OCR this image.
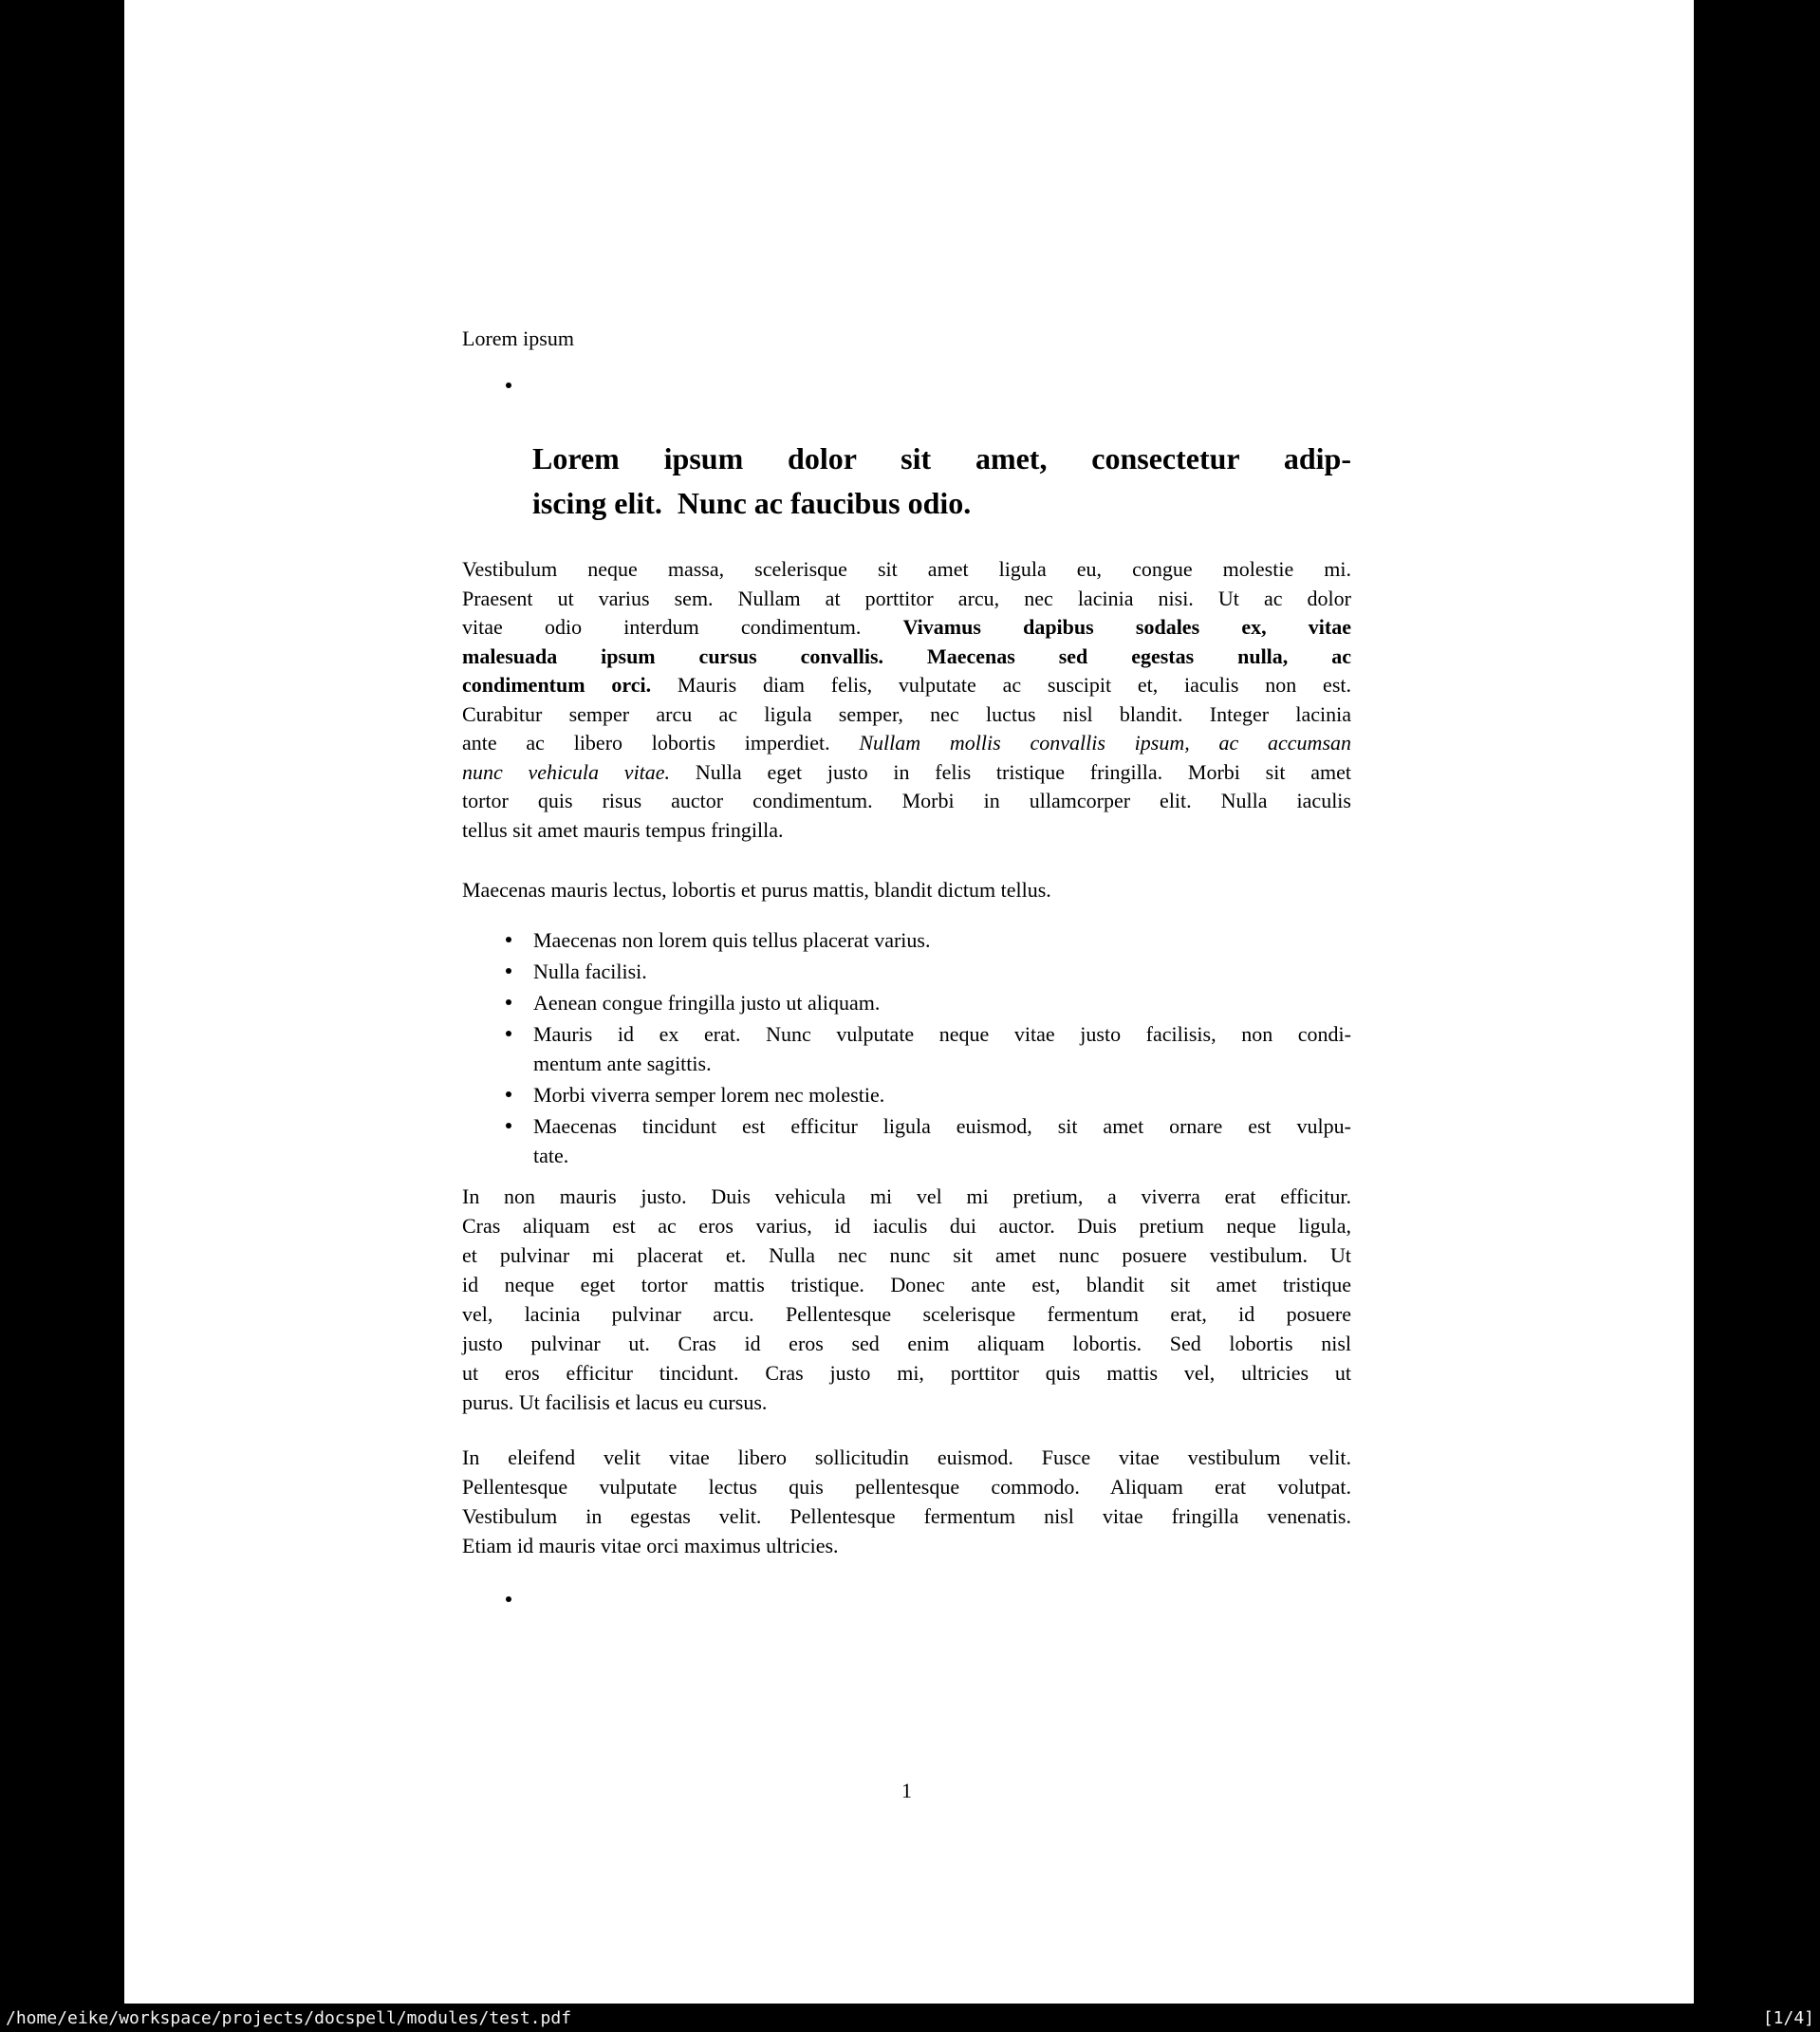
Lorem ipsum
Lorem ipsum dolor sit amet, consectetur adip-
iscing elit. Nunc ac faucibus odio.
Vestibulum neque massa, scelerisque sit amet ligula eu, congue molestie mi.
Praesent ut varius sem. Nullam at porttitor arcu, nec lacinia nisi. Ut ac dolor
vitae odio interdum condimentum. Vivamus dapibus sodales ex, vitae
malesuada ipsum cursus convallis. Maecenas sed egestas nulla, ac
condimentum orci. Mauris diam felis, vulputate ac suscipit et, iaculis non est.
Curabitur semper arcu ac ligula semper, nec luctus nisl blandit. Integer lacinia
ante ac libero lobortis imperdiet. Nullam mollis convallis ipsum, ac accumsan
nunc vehicula vitae. Nulla eget justo in felis tristique fringilla. Morbi sit amet
tortor quis risus auctor condimentum. Morbi in ullamcorper elit. Nulla iaculis
tellus sit amet mauris tempus fringilla.
Maecenas mauris lectus, lobortis et purus mattis, blandit dictum tellus.
Maecenas non lorem quis tellus placerat varius.
Nulla facilisi.
Aenean congue fringilla justo ut aliquam.
Mauris id ex erat. Nunc vulputate neque vitae justo facilisis, non condi-
mentum ante sagittis.
Morbi viverra semper lorem nec molestie.
Maecenas tincidunt est efficitur ligula euismod, sit amet ornare est vulpu-
tate.
In non mauris justo. Duis vehicula mi vel mi pretium, a viverra erat efficitur.
Cras aliquam est ac eros varius, id iaculis dui auctor. Duis pretium neque ligula,
et pulvinar mi placerat et. Nulla nec nunc sit amet nunc posuere vestibulum. Ut
id neque eget tortor mattis tristique. Donec ante est, blandit sit amet tristique
vel, lacinia pulvinar arcu. Pellentesque scelerisque fermentum erat, id posuere
justo pulvinar ut. Cras id eros sed enim aliquam lobortis. Sed lobortis nisl
ut eros efficitur tincidunt. Cras justo mi, porttitor quis mattis vel, ultricies ut
purus. Ut facilisis et lacus eu cursus.
In eleifend velit vitae libero sollicitudin euismod. Fusce vitae vestibulum velit.
Pellentesque vulputate lectus quis pellentesque commodo. Aliquam erat volutpat.
Vestibulum in egestas velit. Pellentesque fermentum nisl vitae fringilla venenatis.
Etiam id mauris vitae orci maximus ultricies.
1
/home/eike/workspace/projects/docspell/modules/test.pdf	[1/4]
